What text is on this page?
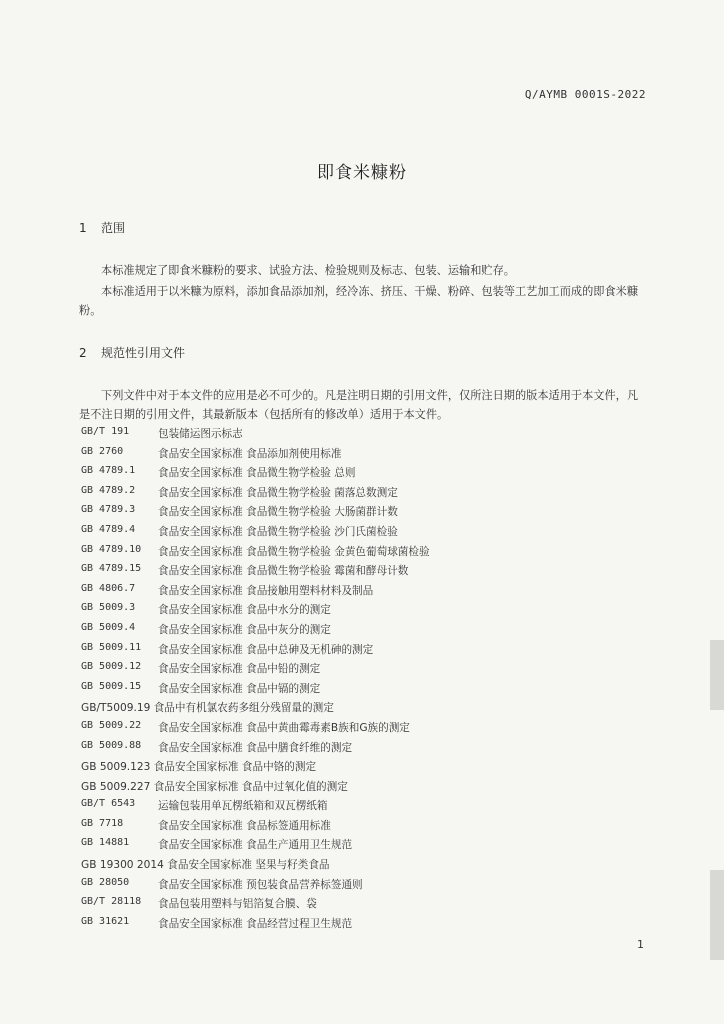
Q/AYMB 0001S-2022
即食米糠粉
1 范围

本标准规定了即食米糠粉的要求、试验方法、检验规则及标志、包装、运输和贮存。

本标准适用于以米糠为原料，添加食品添加剂，经冷冻、挤压、干燥、粉碎、包装等工艺加工而成的即食米糠粉。

2 规范性引用文件

下列文件中对于本文件的应用是必不可少的。凡是注明日期的引用文件，仅所注日期的版本适用于本文件，凡是不注日期的引用文件，其最新版本（包括所有的修改单）适用于本文件。

GB/T 191	包装储运图示标志
GB 2760	食品安全国家标准 食品添加剂使用标准
GB 4789.1 食品安全国家标准 食品微生物学检验 总则
GB 4789.2 食品安全国家标准 食品微生物学检验 菌落总数测定
GB 4789.3 食品安全国家标准 食品微生物学检验 大肠菌群计数
GB 4789.4 食品安全国家标准 食品微生物学检验 沙门氏菌检验
GB 4789.10 食品安全国家标准 食品微生物学检验 金黄色葡萄球菌检验
GB 4789.15 食品安全国家标准 食品微生物学检验 霉菌和酵母计数
GB 4806.7 食品安全国家标准 食品接触用塑料材料及制品
GB 5009.3 食品安全国家标准 食品中水分的测定
GB 5009.4 食品安全国家标准 食品中灰分的测定
GB 5009.11 食品安全国家标准 食品中总砷及无机砷的测定
GB 5009.12 食品安全国家标准 食品中铅的测定
GB 5009.15 食品安全国家标准 食品中镉的测定
GB/T5009.19 食品中有机氯农药多组分残留量的测定
GB 5009.22 食品安全国家标准 食品中黄曲霉毒素B族和G族的测定
GB 5009.88 食品安全国家标准 食品中膳食纤维的测定
GB 5009.123 食品安全国家标准 食品中铬的测定
GB 5009.227 食品安全国家标准 食品中过氧化值的测定
GB/T 6543 运输包装用单瓦楞纸箱和双瓦楞纸箱
GB 7718	食品安全国家标准 食品标签通用标准
GB 14881	食品安全国家标准 食品生产通用卫生规范
GB 19300 2014 食品安全国家标准 坚果与籽类食品
GB 28050	食品安全国家标准 预包装食品营养标签通则
GB/T 28118 食品包装用塑料与铝箔复合膜、袋
GB 31621	食品安全国家标准 食品经营过程卫生规范
1
